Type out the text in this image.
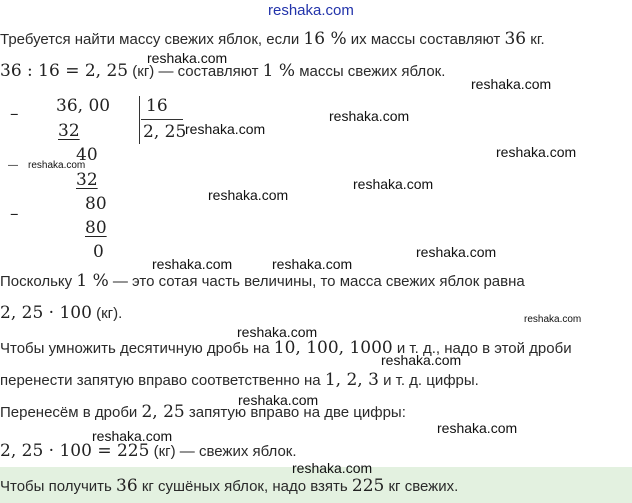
reshaka.com
Требуется найти массу свежих яблок, если 16 % их массы составляют 36 кг.
reshaka.com
36 : 16 = 2, 25 (кг) — составляют 1 % массы свежих яблок.
reshaka.com
– 36, 00
32
16
2, 25
reshaka.com
reshaka.com
reshaka.com
40
— reshaka.com
32	reshaka.com
reshaka.com
–	80
80
0	reshaka.com
reshaka.com	reshaka.com
Поскольку 1 % — это сотая часть величины, то масса свежих яблок равна
2, 25 · 100 (кг).	reshaka.com
reshaka.com
Чтобы умножить десятичную дробь на 10, 100, 1000 и т. д., надо в этой дроби
reshaka.com
перенести запятую вправо соответственно на 1, 2, 3 и т. д. цифры.
reshaka.com
Перенесём в дроби 2, 25 запятую вправо на две цифры:
reshaka.com
reshaka.com
2, 25 · 100 = 225 (кг) — свежих яблок.
reshaka.com
Чтобы получить 36 кг сушёных яблок, надо взять 225 кг свежих.
